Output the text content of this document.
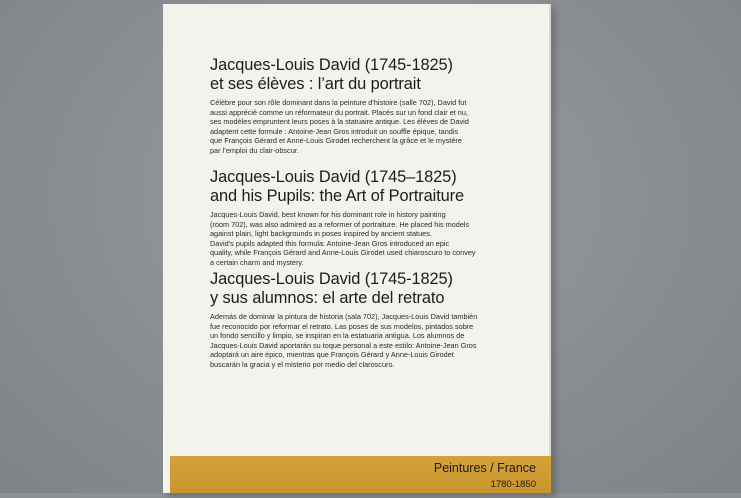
Jacques-Louis David (1745-1825)
et ses élèves : l’art du portrait

Célèbre pour son rôle dominant dans la peinture d’histoire (salle 702), David fut
aussi apprécié comme un réformateur du portrait. Placés sur un fond clair et nu,
ses modèles empruntent leurs poses à la statuaire antique. Les élèves de David
adaptent cette formule : Antoine-Jean Gros introduit un souffle épique, tandis
que François Gérard et Anne-Louis Girodet recherchent la grâce et le mystère
par l’emploi du clair-obscur.

Jacques-Louis David (1745–1825)
and his Pupils: the Art of Portraiture

Jacques-Louis David, best known for his dominant role in history painting
(room 702), was also admired as a reformer of portraiture. He placed his models
against plain, light backgrounds in poses inspired by ancient statues.
David’s pupils adapted this formula: Antoine-Jean Gros introduced an epic
quality, while François Gérard and Anne-Louis Girodet used chiaroscuro to convey
a certain charm and mystery.

Jacques-Louis David (1745-1825)
y sus alumnos: el arte del retrato

Además de dominar la pintura de historia (sala 702), Jacques-Louis David también
fue reconocido por reformar el retrato. Las poses de sus modelos, pintados sobre
un fondo sencillo y limpio, se inspiran en la estatuaria antigua. Los alumnos de
Jacques-Louis David aportarán su toque personal a este estilo: Antoine-Jean Gros
adoptará un aire épico, mientras que François Gérard y Anne-Louis Girodet
buscarán la gracia y el misterio por medio del claroscuro.

Peintures / France
1780-1850
